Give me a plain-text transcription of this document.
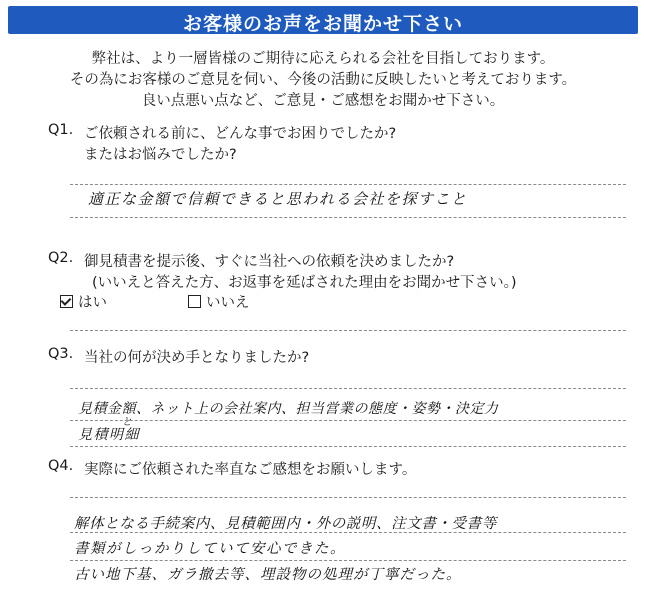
お客様のお声をお聞かせ下さい
弊社は、より一層皆様のご期待に応えられる会社を目指しております。
その為にお客様のご意見を伺い、今後の活動に反映したいと考えております。
良い点悪い点など、ご意見・ご感想をお聞かせ下さい。
Q1. ご依頼される前に、どんな事でお困りでしたか?
またはお悩みでしたか?
適正な金額で信頼できると思われる会社を探すこと
Q2. 御見積書を提示後、すぐに当社への依頼を決めましたか?
(いいえと答えた方、お返事を延ばされた理由をお聞かせ下さい。)
はい	いいえ
Q3. 当社の何が決め手となりましたか?
見積金額、ネット上の会社案内、担当営業の態度・姿勢・決定力
と
見積明細
Q4. 実際にご依頼された率直なご感想をお願いします。
解体となる手続案内、見積範囲内・外の説明、注文書・受書等
書類がしっかりしていて安心できた。
古い地下基、ガラ撤去等、埋設物の処理が丁寧だった。
